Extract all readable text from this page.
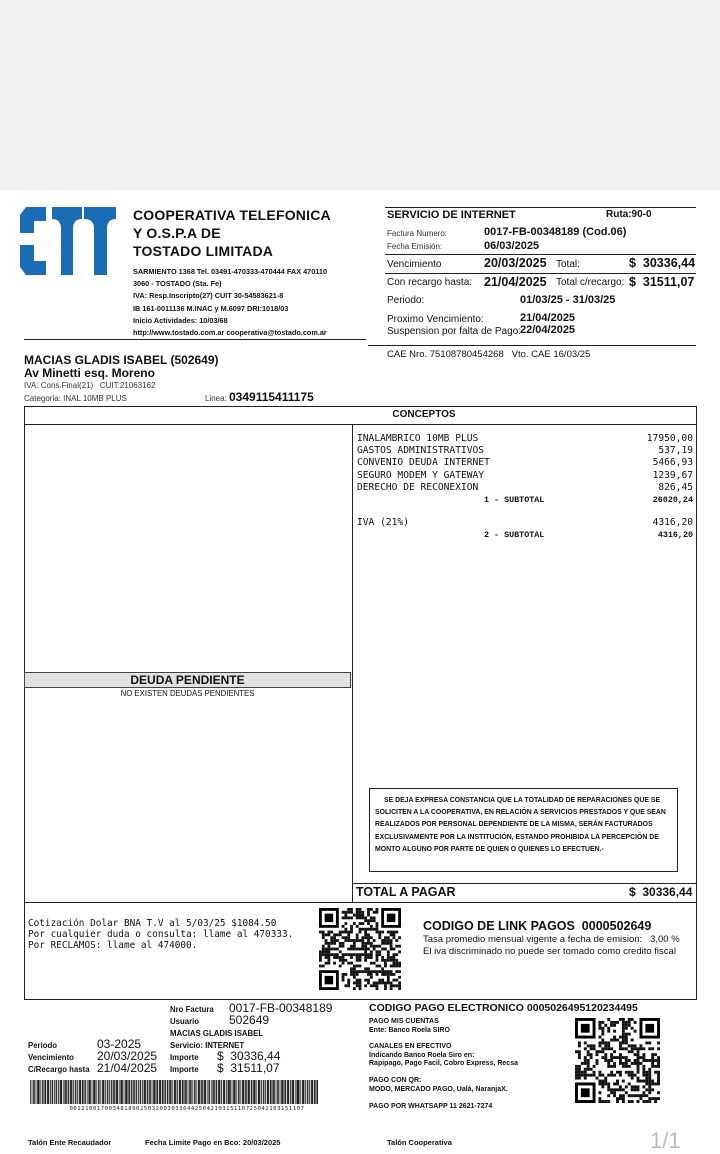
COOPERATIVA TELEFONICA
Y O.S.P.A DE
TOSTADO LIMITADA
SARMIENTO 1368 Tel. 03491-470333-470444 FAX 470110
3060 - TOSTADO (Sta. Fe)
IVA: Resp.Inscripto(27) CUIT 30-54583621-8
IB 161-0011136 M.INAC y M.6097 DRI:1018/03
Inicio Actividades: 10/03/68
http://www.tostado.com.ar cooperativa@tostado.com.ar
SERVICIO DE INTERNET	Ruta:90-0
Factura Numero:	0017-FB-00348189 (Cod.06)
Fecha Emisión:	06/03/2025
Vencimiento	20/03/2025 Total:	$  30336,44
Con recargo hasta: 21/04/2025 Total c/recargo: $  31511,07
Periodo:	01/03/25 - 31/03/25
Proximo Vencimiento:	21/04/2025
Suspension por falta de Pago: 22/04/2025
CAE Nro. 75108780454268   Vto. CAE 16/03/25
MACIAS GLADIS ISABEL (502649)
Av Minetti esq. Moreno
IVA: Cons.Final(21)   CUIT:21063162
Categoria: INAL 10MB PLUS	Linea: 0349115411175
CONCEPTOS
INALAMBRICO 10MB PLUS	17950,00
GASTOS ADMINISTRATIVOS	537,19
CONVENIO DEUDA INTERNET	5466,93
SEGURO MODEM Y GATEWAY	1239,67
DERECHO DE RECONEXION	826,45
1 - SUBTOTAL	26020,24
IVA (21%)	4316,20
2 - SUBTOTAL	4316,20
DEUDA PENDIENTE
NO EXISTEN DEUDAS PENDIENTES
SE DEJA EXPRESA CONSTANCIA QUE LA TOTALIDAD DE REPARACIONES QUE SE SOLICITEN A LA COOPERATIVA, EN RELACIÓN A SERVICIOS PRESTADOS Y QUE SEAN REALIZADOS POR PERSONAL DEPENDIENTE DE LA MISMA, SERÁN FACTURADOS EXCLUSIVAMENTE POR LA INSTITUCIÓN, ESTANDO PROHIBIDA LA PERCEPCIÓN DE MONTO ALGUNO POR PARTE DE QUIEN O QUIENES LO EFECTUEN.-
TOTAL A PAGAR	$  30336,44
Cotización Dolar BNA T.V al 5/03/25 $1084.50
Por cualquier duda o consulta: llame al 470333.
Por RECLAMOS: llame al 474000.
CODIGO DE LINK PAGOS  0000502649
Tasa promedio mensual vigente a fecha de emision:   3,00 %
El iva discriminado no puede ser tomado como credito fiscal
Nro Factura 0017-FB-00348189
Usuario 502649
MACIAS GLADIS ISABEL
Servicio: INTERNET
Importe $  30336,44
Importe $  31511,07
Periodo	03-2025
Vencimiento 20/03/2025
C/Recargo hasta 21/04/2025
001210017003481890250320030336442504210315110725042103151107
CODIGO PAGO ELECTRONICO 0005026495120234495
PAGO MIS CUENTAS
Ente: Banco Roela SIRO
CANALES EN EFECTIVO
Indicando Banco Roela Siro en:
Rapipago, Pago Facil, Cobro Express, Recsa
PAGO CON QR:
MODO, MERCADO PAGO, Ualá, NaranjaX.
PAGO POR WHATSAPP 11 2621-7274
Talón Ente Recaudador	Fecha Limite Pago en Bco: 20/03/2025	Talón Cooperativa	1/1
